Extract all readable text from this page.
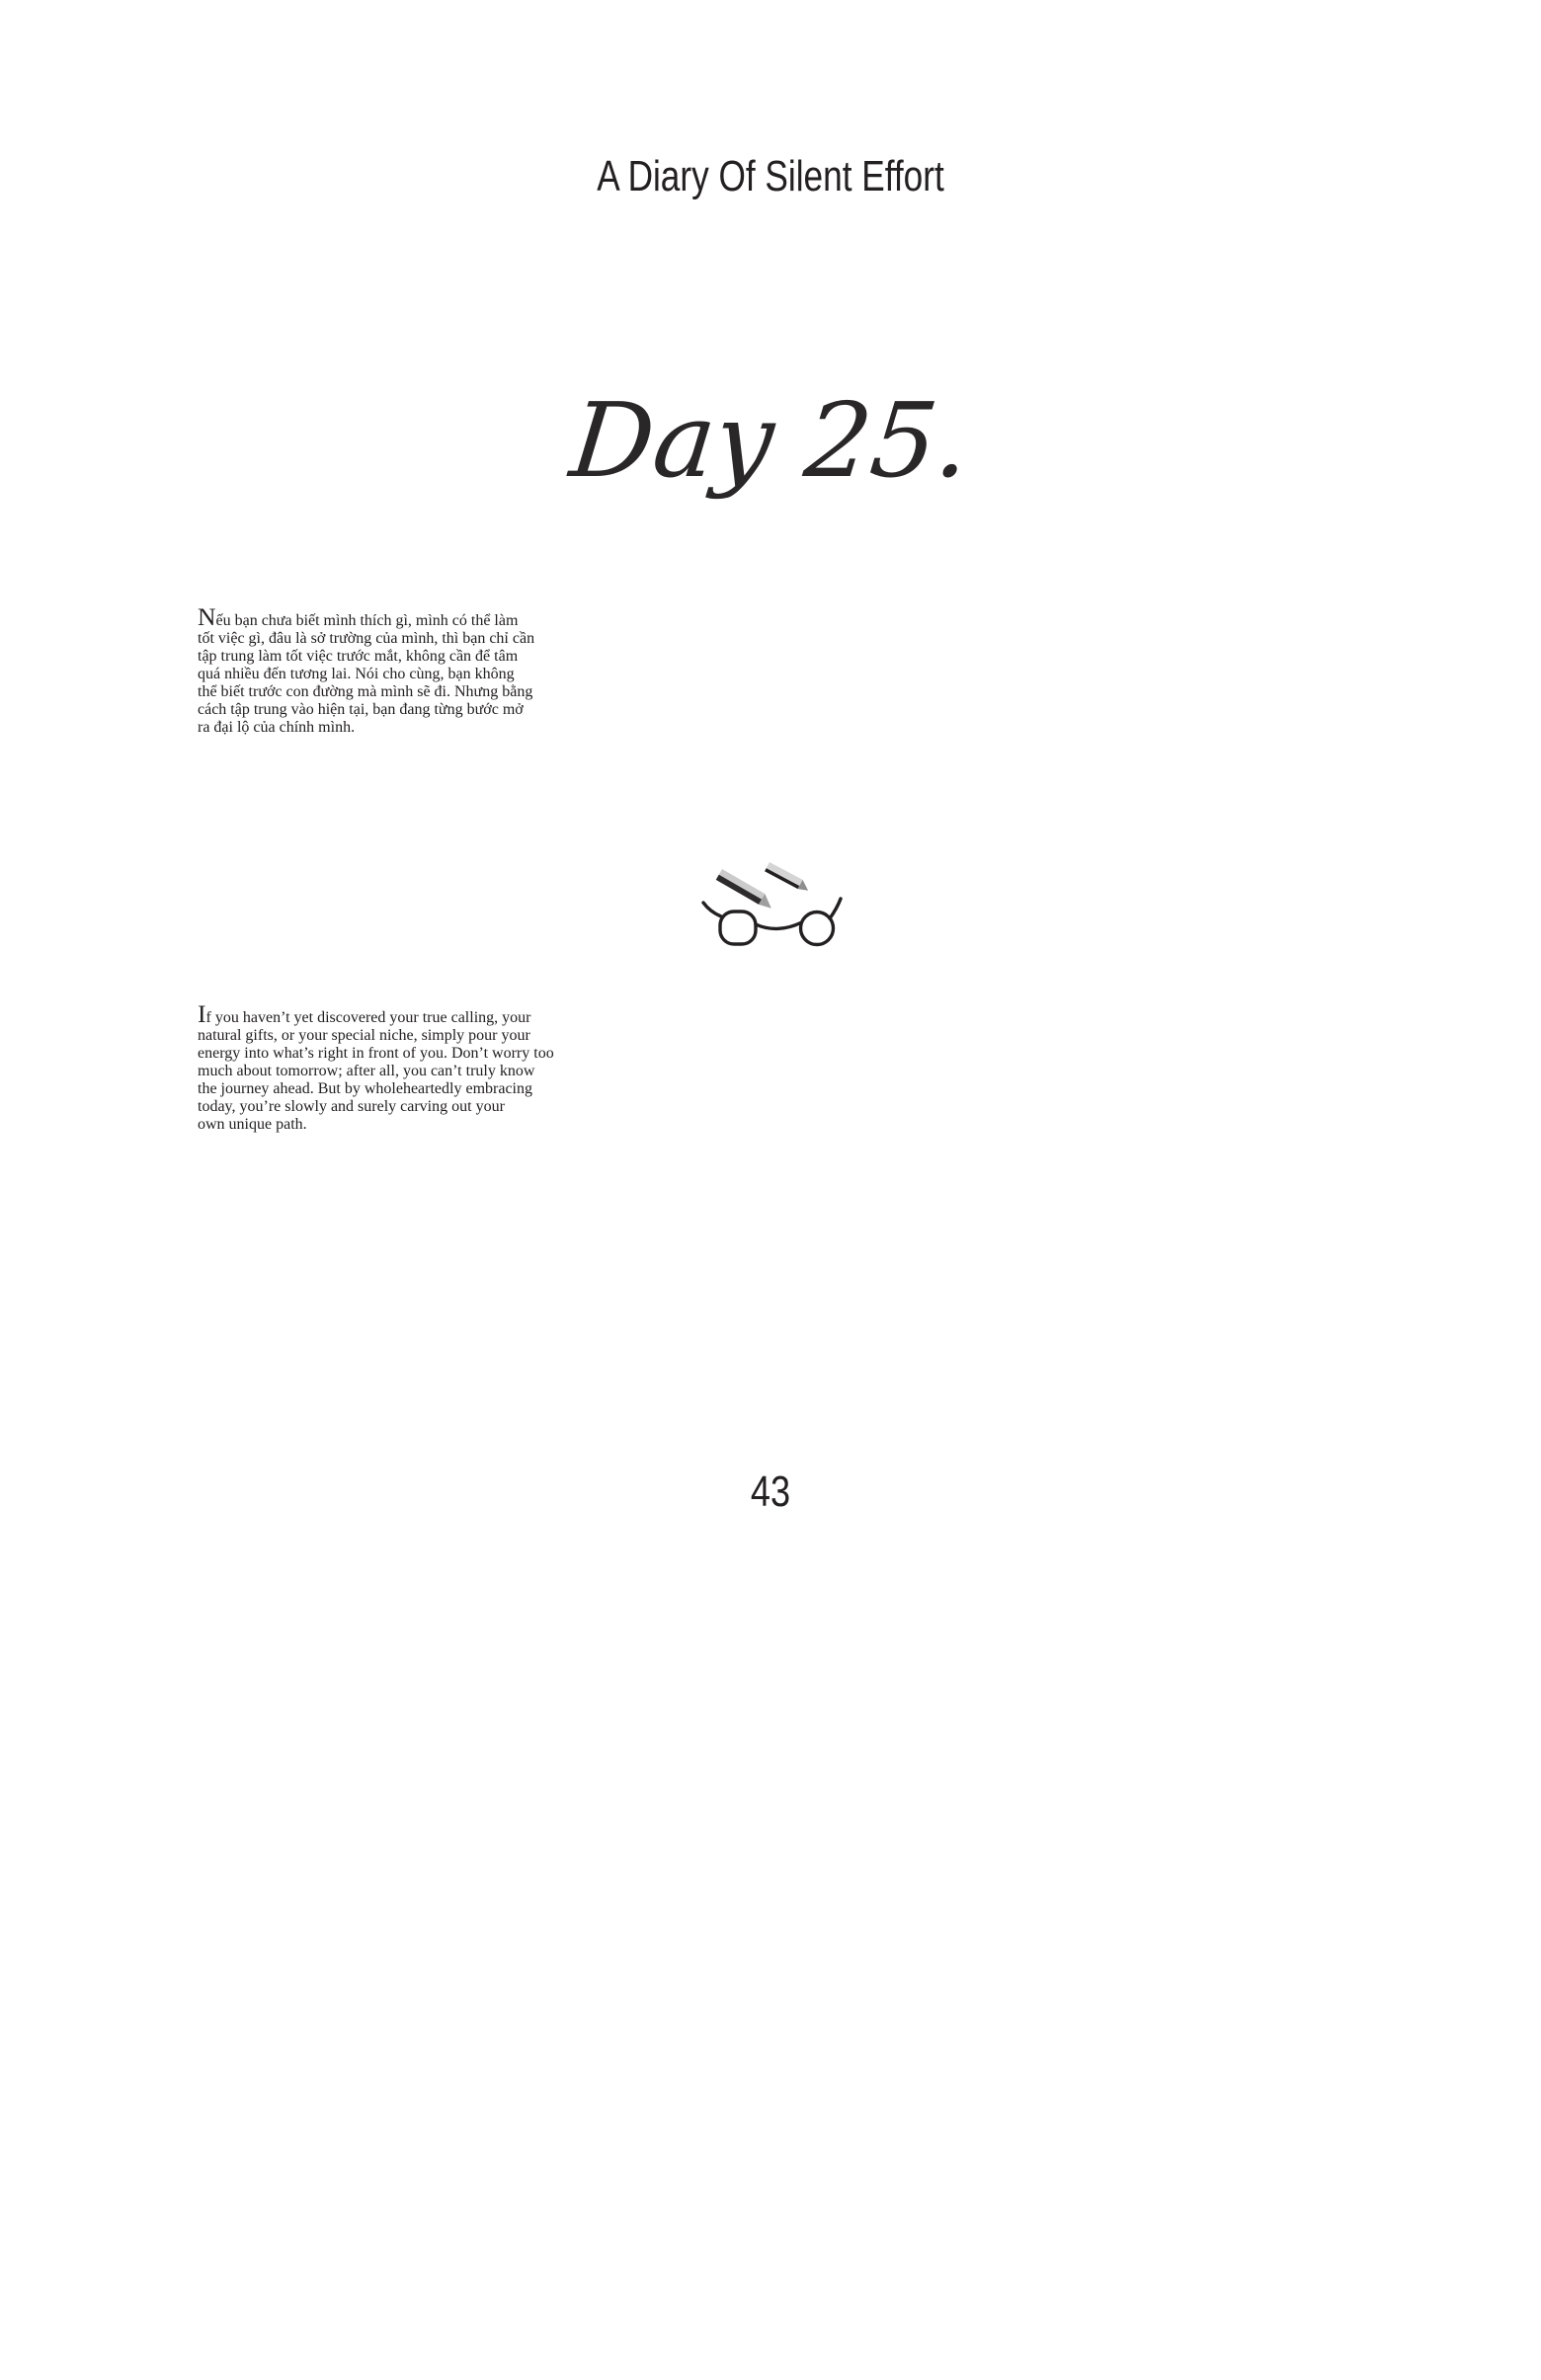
A Diary Of Silent Effort
Day 25.

Nếu bạn chưa biết mình thích gì, mình có thể làm
tốt việc gì, đâu là sở trường của mình, thì bạn chỉ cần
tập trung làm tốt việc trước mắt, không cần để tâm
quá nhiều đến tương lai. Nói cho cùng, bạn không
thể biết trước con đường mà mình sẽ đi. Nhưng bằng
cách tập trung vào hiện tại, bạn đang từng bước mở
ra đại lộ của chính mình.

If you haven’t yet discovered your true calling, your
natural gifts, or your special niche, simply pour your
energy into what’s right in front of you. Don’t worry too
much about tomorrow; after all, you can’t truly know
the journey ahead. But by wholeheartedly embracing
today, you’re slowly and surely carving out your
own unique path.

43
